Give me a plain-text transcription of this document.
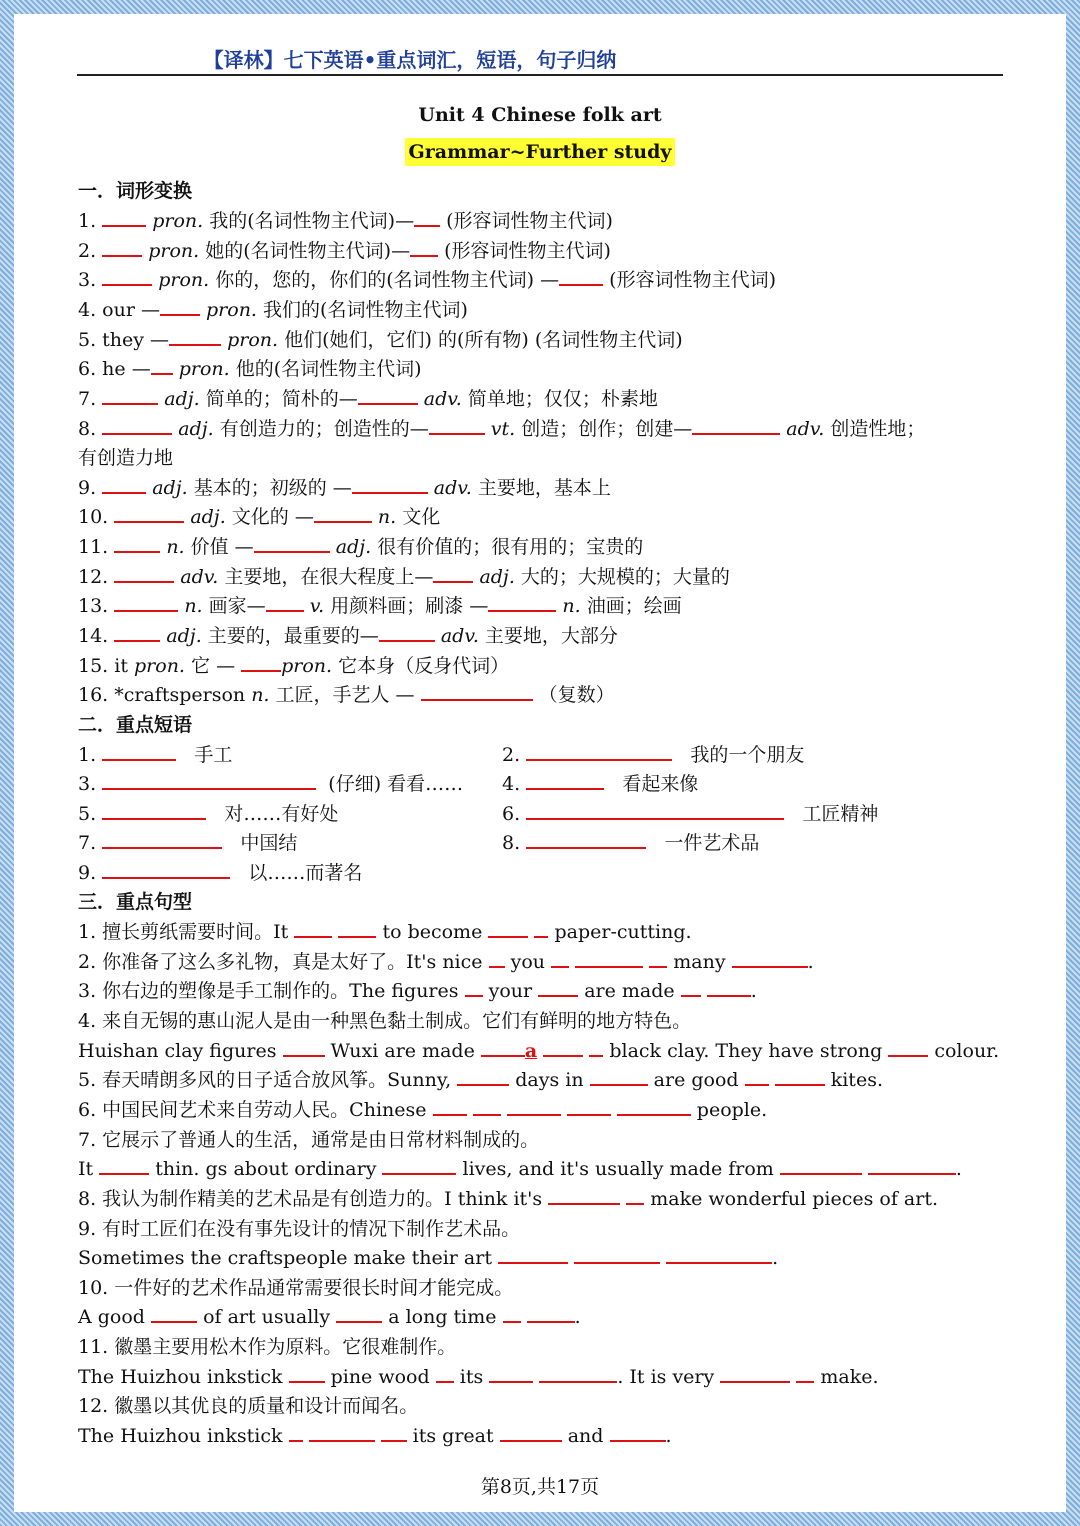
【译林】七下英语•重点词汇，短语，句子归纳
Unit 4 Chinese folk art
Grammar~Further study
一．词形变换
1.	pron. 我的(名词性物主代词)— (形容词性物主代词)
2.	pron. 她的(名词性物主代词)— (形容词性物主代词)
3.	pron. 你的，您的，你们的(名词性物主代词) —	(形容词性物主代词)
4. our — pron. 我们的(名词性物主代词)
5. they —	pron. 他们(她们，它们) 的(所有物) (名词性物主代词)
6. he — pron. 他的(名词性物主代词)
7.	adj. 简单的；简朴的—	adv. 简单地；仅仅；朴素地
8.	adj. 有创造力的；创造性的—	vt. 创造；创作；创建—	adv. 创造性地；
有创造力地
9.	adj. 基本的；初级的 —	adv. 主要地，基本上
10.	adj. 文化的 —	n. 文化
11.	n. 价值 —	adj. 很有价值的；很有用的；宝贵的
12.	adv. 主要地，在很大程度上— adj. 大的；大规模的；大量的
13.	n. 画家— v. 用颜料画；刷漆 —	n. 油画；绘画
14.	adj. 主要的，最重要的—	adv. 主要地，大部分
15. it pron. 它 — pron. 它本身（反身代词）
16. *craftsperson n. 工匠，手艺人 —	（复数）
二．重点短语
1.	手工	2.	我的一个朋友
3.	(仔细) 看看…… 4.	看起来像
5.	对……有好处	6.	工匠精神
7.	中国结	8.	一件艺术品
9.	以……而著名
三．重点句型
1. 擅长剪纸需要时间。It	to become	paper-cutting.
2. 你准备了这么多礼物，真是太好了。It's nice you	many	.
3. 你右边的塑像是手工制作的。The figures your	are made	.
4. 来自无锡的惠山泥人是由一种黑色黏土制成。它们有鲜明的地方特色。
Huishan clay figures	Wuxi are made	a	black clay. They have strong	colour.
5. 春天晴朗多风的日子适合放风筝。Sunny,	days in	are good	kites.
6. 中国民间艺术来自劳动人民。Chinese	people.
7. 它展示了普通人的生活，通常是由日常材料制成的。
It	thin. gs about ordinary	lives, and it's usually made from	.
8. 我认为制作精美的艺术品是有创造力的。I think it's	make wonderful pieces of art.
9. 有时工匠们在没有事先设计的情况下制作艺术品。
Sometimes the craftspeople make their art	.
10. 一件好的艺术作品通常需要很长时间才能完成。
A good	of art usually	a long time	.
11. 徽墨主要用松木作为原料。它很难制作。
The Huizhou inkstick	pine wood its	. It is very	make.
12. 徽墨以其优良的质量和设计而闻名。
The Huizhou inkstick	its great	and	.
第8页,共17页
